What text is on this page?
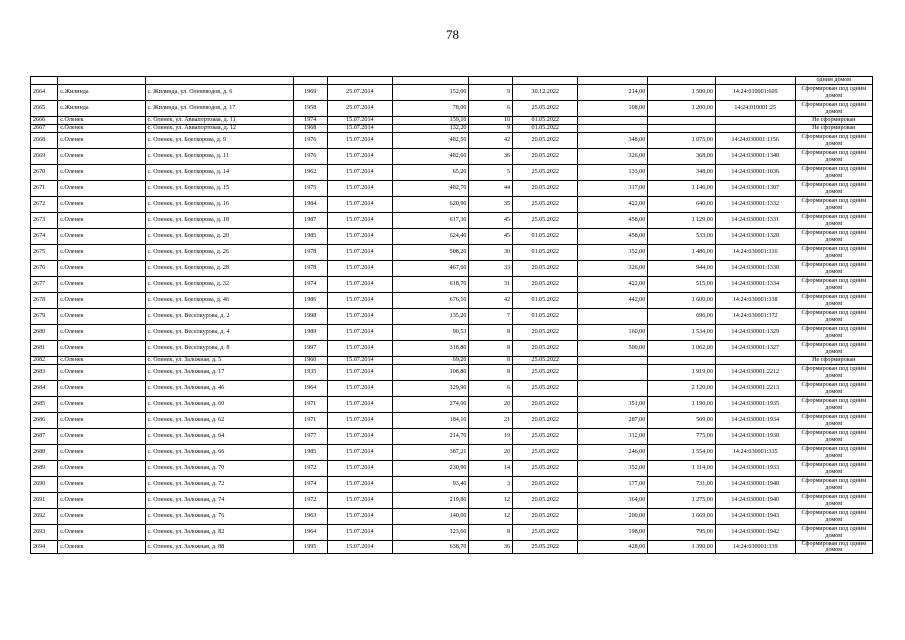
78
											одним домом
2664	с.Жилинда	с. Жилинда, ул. Оленеводов, д. 6	1969	25.07.2014	152,00	9	30.12.2022	214,00	1 500,00	14:24:010001:609	Сформирован под одним домом
2665	с.Жилинда	с. Жилинда, ул. Оленеводов, д. 17	1958	25.07.2014	78,00	6	25.05.2022	108,00	1 200,00	14:24:010001:25	Сформирован под одним домом
2666	с.Оленек	с. Оленек, ул. Авиапортовая, д. 11	1974	15.07.2014	159,10	10	01.05.2022				Не сформирован
2667	с.Оленек	с. Оленек, ул. Авиапортовая, д. 12	1968	15.07.2014	132,20	9	01.05.2022				Не сформирован
2668	с.Оленек	с. Оленек, ул. Боескорова, д. 9	1976	15.07.2014	482,50	42	20.05.2022	348,00	1 075,00	14:24:030001:1156	Сформирован под одним домом
2669	с.Оленек	с. Оленек, ул. Боескорова, д. 11	1976	15.07.2014	482,60	36	20.05.2022	326,00	368,00	14:24:030001:1348	Сформирован под одним домом
2670	с.Оленек	с. Оленек, ул. Боескорова, д. 14	1962	15.07.2014	65,20	5	25.05.2022	133,00	348,00	14:24:030001:1036	Сформирован под одним домом
2671	с.Оленек	с. Оленек, ул. Боескорова, д. 15	1975	15.07.2014	482,70	44	20.05.2022	317,00	1 146,00	14:24:030001:1307	Сформирован под одним домом
2672	с.Оленек	с. Оленек, ул. Боескорова, д. 16	1984	15.07.2014	620,90	35	25.05.2022	422,00	640,00	14:24:030001:1332	Сформирован под одним домом
2673	с.Оленек	с. Оленек, ул. Боескорова, д. 18	1987	15.07.2014	617,30	45	25.05.2022	458,00	1 129,00	14:24:030001:1331	Сформирован под одним домом
2674	с.Оленек	с. Оленек, ул. Боескорова, д. 20	1985	15.07.2014	624,40	45	01.05.2022	458,00	533,00	14:24:030001:1328	Сформирован под одним домом
2675	с.Оленек	с. Оленек, ул. Боескорова, д. 26	1978	15.07.2014	508,20	30	01.05.2022	352,00	1 486,00	14:24:030001:316	Сформирован под одним домом
2676	с.Оленек	с. Оленек, ул. Боескорова, д. 28	1978	15.07.2014	467,60	33	20.05.2022	326,00	944,00	14:24:030001:1338	Сформирован под одним домом
2677	с.Оленек	с. Оленек, ул. Боескорова, д. 32	1974	15.07.2014	618,70	31	20.05.2022	422,00	515,00	14:24:030001:1334	Сформирован под одним домом
2678	с.Оленек	с. Оленек, ул. Боескорова, д. 46	1986	15.07.2014	676,10	42	01.05.2022	442,00	1 600,00	14:24:030001:338	Сформирован под одним домом
2679	с.Оленек	с. Оленек, ул. Веселкурова, д. 2	1998	15.07.2014	135,20	7	01.05.2022		696,00	14:24:030001:372	Сформирован под одним домом
2680	с.Оленек	с. Оленек, ул. Веселкурова, д. 4	1989	15.07.2014	90,53	8	20.05.2022	160,00	1 534,00	14:24:030001:1329	Сформирован под одним домом
2681	с.Оленек	с. Оленек, ул. Веселкурова, д. 8	1997	15.07.2014	318,80	8	20.05.2022	500,00	1 062,00	14:24:030001:1327	Сформирован под одним домом
2682	с.Оленек	с. Оленек, ул. Заложная, д. 5	1960	15.07.2014	69,20	8	25.05.2022				Не сформирован
2683	с.Оленек	с. Оленек, ул. Заложная, д. 17	1935	15.07.2014	108,80	8	25.05.2022		1 919,00	14:24:030001:2212	Сформирован под одним домом
2684	с.Оленек	с. Оленек, ул. Заложная, д. 46	1964	15.07.2014	129,90	6	25.05.2022		2 120,00	14:24:030001:2213	Сформирован под одним домом
2685	с.Оленек	с. Оленек, ул. Заложная, д. 60	1971	15.07.2014	274,00	20	20.05.2022	351,00	1 190,00	14:24:030001:1935	Сформирован под одним домом
2686	с.Оленек	с. Оленек, ул. Заложная, д. 62	1971	15.07.2014	184,10	21	20.05.2022	287,00	509,00	14:24:030001:1934	Сформирован под одним домом
2687	с.Оленек	с. Оленек, ул. Заложная, д. 64	1977	15.07.2014	214,70	19	25.05.2022	312,00	775,00	14:24:030001:1938	Сформирован под одним домом
2688	с.Оленек	с. Оленек, ул. Заложная, д. 66	1985	15.07.2014	387,21	20	25.05.2022	246,00	1 554,00	14:24:030001:335	Сформирован под одним домом
2689	с.Оленек	с. Оленек, ул. Заложная, д. 70	1972	15.07.2014	230,90	14	25.05.2022	352,00	1 114,00	14:24:030001:1933	Сформирован под одним домом
2690	с.Оленек	с. Оленек, ул. Заложная, д. 72	1974	15.07.2014	93,40	3	20.05.2022	177,00	731,00	14:24:030001:1948	Сформирован под одним домом
2691	с.Оленек	с. Оленек, ул. Заложная, д. 74	1972	15.07.2014	219,80	12	20.05.2022	364,00	1 275,00	14:24:030001:1940	Сформирован под одним домом
2692	с.Оленек	с. Оленек, ул. Заложная, д. 76	1963	15.07.2014	140,00	12	20.05.2022	200,00	1 669,00	14:24:030001:1943	Сформирован под одним домом
2693	с.Оленек	с. Оленек, ул. Заложная, д. 82	1964	15.07.2014	123,60	8	25.05.2022	198,00	795,00	14:24:030001:1942	Сформирован под одним домом
2694	с.Оленек	с. Оленек, ул. Заложная, д. 88	1995	15.07.2014	638,70	36	25.05.2022	428,00	1 390,00	14:24:030001:339	Сформирован под одним домом
